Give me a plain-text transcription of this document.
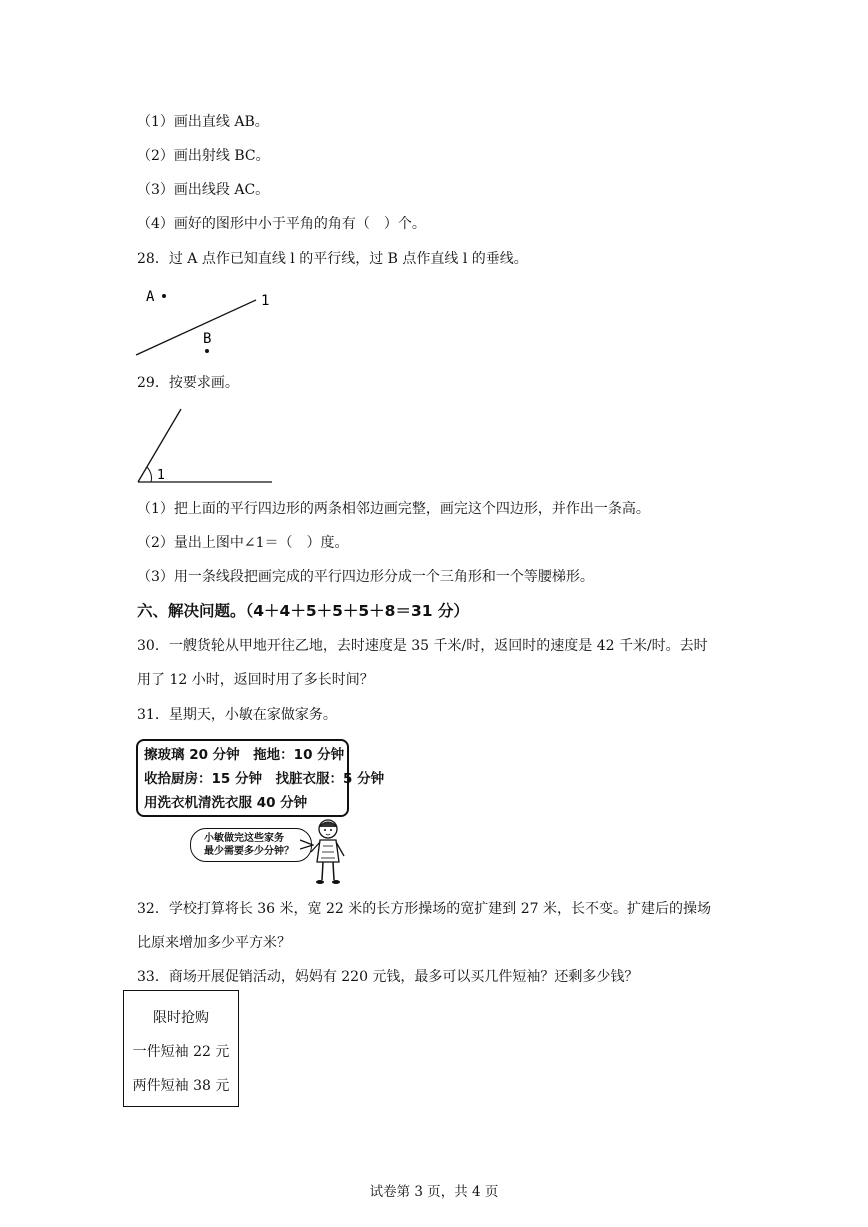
（1）画出直线 AB。
（2）画出射线 BC。
（3）画出线段 AC。
（4）画好的图形中小于平角的角有（　）个。
28．过 A 点作已知直线 l 的平行线，过 B 点作直线 l 的垂线。
A	1
B
29．按要求画。
1
（1）把上面的平行四边形的两条相邻边画完整，画完这个四边形，并作出一条高。
（2）量出上图中∠1＝（　）度。
（3）用一条线段把画完成的平行四边形分成一个三角形和一个等腰梯形。
六、解决问题。（4＋4＋5＋5＋5＋8＝31 分）
30．一艘货轮从甲地开往乙地，去时速度是 35 千米/时，返回时的速度是 42 千米/时。去时
用了 12 小时，返回时用了多长时间？
31．星期天，小敏在家做家务。
擦玻璃 20 分钟　拖地：10 分钟
收拾厨房：15 分钟　找脏衣服：5 分钟
用洗衣机清洗衣服 40 分钟
小敏做完这些家务
最少需要多少分钟？
32．学校打算将长 36 米，宽 22 米的长方形操场的宽扩建到 27 米，长不变。扩建后的操场
比原来增加多少平方米？
33．商场开展促销活动，妈妈有 220 元钱，最多可以买几件短袖？还剩多少钱？
限时抢购
一件短袖 22 元
两件短袖 38 元
试卷第 3 页，共 4 页
